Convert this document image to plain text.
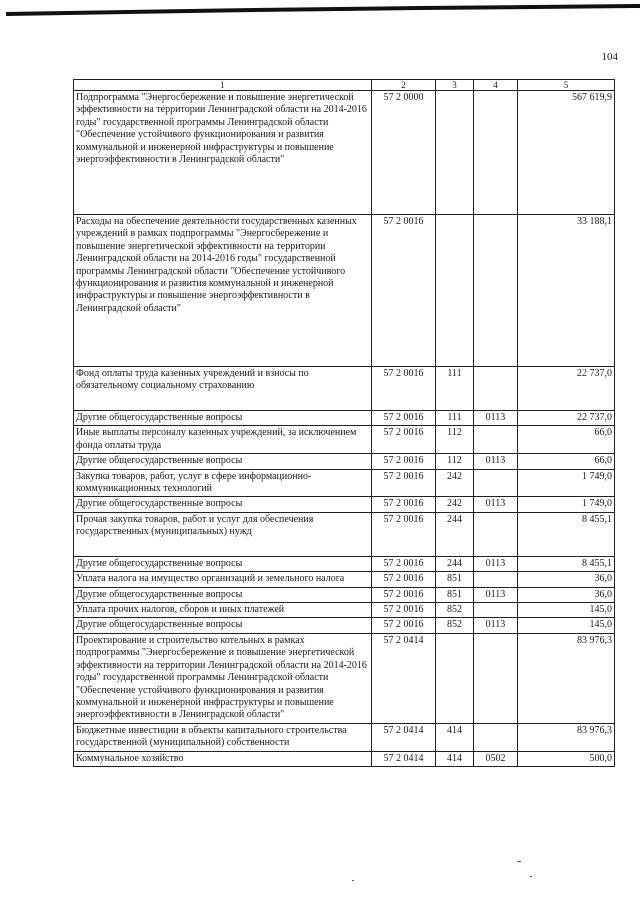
104
1	2	3	4	5
Подпрограмма "Энергосбережение и повышение энергетической эффективности на территории Ленинградской области на 2014-2016 годы" государственной программы Ленинградской области "Обеспечение устойчивого функционирования и развития коммунальной и инженерной инфраструктуры и повышение энергоэффективности в Ленинградской области"	57 2 0000			567 619,9
Расходы на обеспечение деятельности государственных казенных учреждений в рамках подпрограммы "Энергосбережение и повышение энергетической эффективности на территории Ленинградской области на 2014-2016 годы" государственной программы Ленинградской области "Обеспечение устойчивого функционирования и развития коммунальной и инженерной инфраструктуры и повышение энергоэффективности в Ленинградской области"	57 2 0016			33 188,1
Фонд оплаты труда казенных учреждений и взносы по обязательному социальному страхованию	57 2 0016	111		22 737,0
Другие общегосударственные вопросы	57 2 0016	111	0113	22 737,0
Иные выплаты персоналу казенных учреждений, за исключением фонда оплаты труда	57 2 0016	112		66,0
Другие общегосударственные вопросы	57 2 0016	112	0113	66,0
Закупка товаров, работ, услуг в сфере информационно-коммуникационных технологий	57 2 0016	242		1 749,0
Другие общегосударственные вопросы	57 2 0016	242	0113	1 749,0
Прочая закупка товаров, работ и услуг для обеспечения государственных (муниципальных) нужд	57 2 0016	244		8 455,1
Другие общегосударственные вопросы	57 2 0016	244	0113	8 455,1
Уплата налога на имущество организаций и земельного налога	57 2 0016	851		36,0
Другие общегосударственные вопросы	57 2 0016	851	0113	36,0
Уплата прочих налогов, сборов и иных платежей	57 2 0016	852		145,0
Другие общегосударственные вопросы	57 2 0016	852	0113	145,0
Проектирование и строительство котельных в рамках подпрограммы "Энергосбережение и повышение энергетической эффективности на территории Ленинградской области на 2014-2016 годы" государственной программы Ленинградской области "Обеспечение устойчивого функционирования и развития коммунальной и инженерной инфраструктуры и повышение энергоэффективности в Ленинградской области"	57 2 0414			83 976,3
Бюджетные инвестиции в объекты капитального строительства государственной (муниципальной) собственности	57 2 0414	414		83 976,3
Коммунальное хозяйство	57 2 0414	414	0502	500,0
